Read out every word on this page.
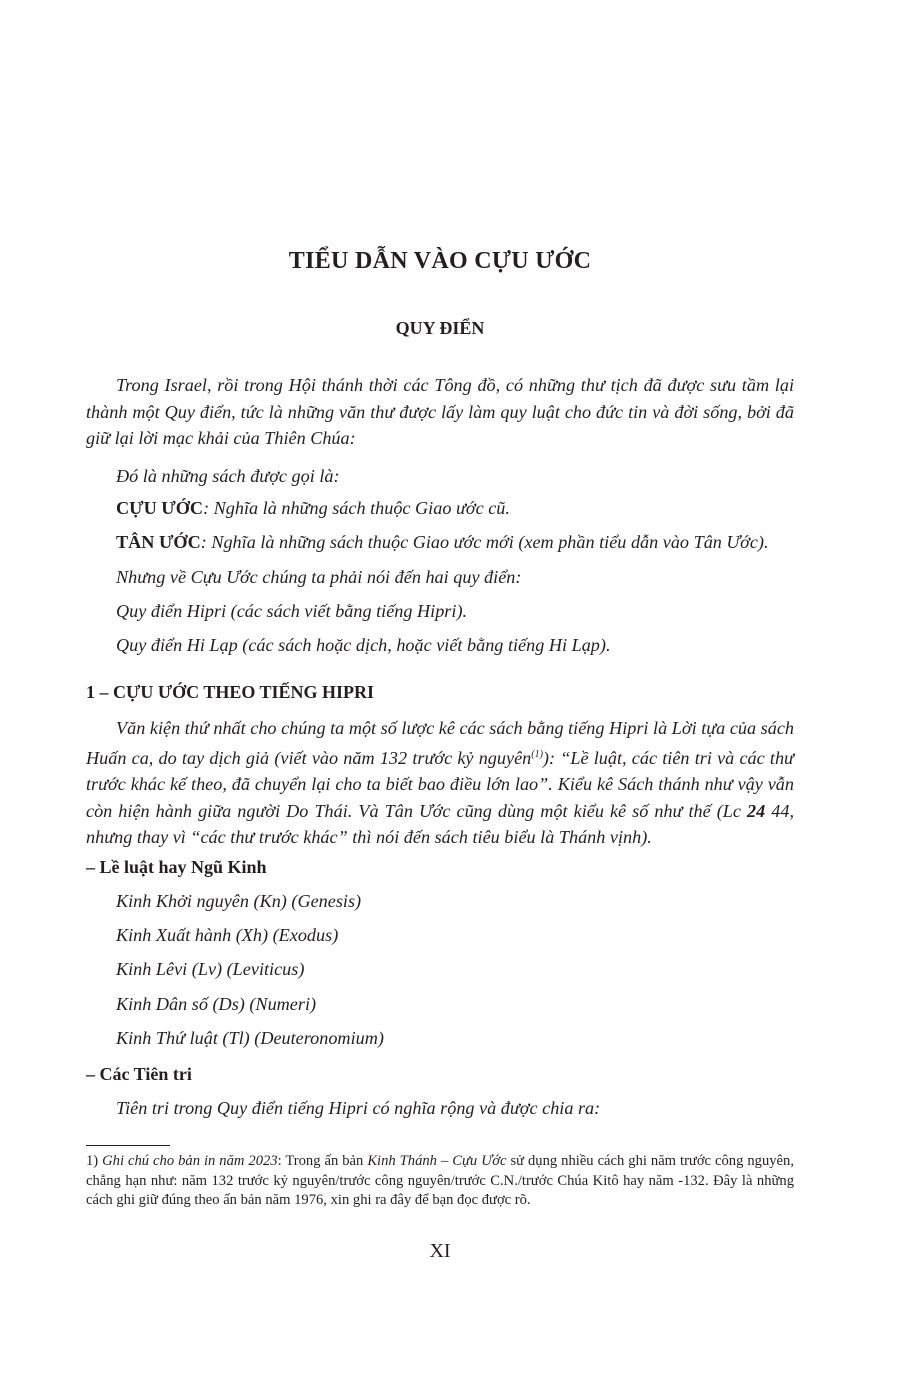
TIỂU DẪN VÀO CỰU ƯỚC
QUY ĐIỂN

Trong Israel, rồi trong Hội thánh thời các Tông đồ, có những thư tịch đã được sưu tầm lại thành một Quy điển, tức là những văn thư được lấy làm quy luật cho đức tin và đời sống, bởi đã giữ lại lời mạc khải của Thiên Chúa:

Đó là những sách được gọi là:
CỰU ƯỚC: Nghĩa là những sách thuộc Giao ước cũ.
TÂN ƯỚC: Nghĩa là những sách thuộc Giao ước mới (xem phần tiểu dẫn vào Tân Ước).
Nhưng về Cựu Ước chúng ta phải nói đến hai quy điển:
Quy điển Hipri (các sách viết bằng tiếng Hipri).
Quy điển Hi Lạp (các sách hoặc dịch, hoặc viết bằng tiếng Hi Lạp).
1 – CỰU ƯỚC THEO TIẾNG HIPRI

Văn kiện thứ nhất cho chúng ta một số lược kê các sách bằng tiếng Hipri là Lời tựa của sách Huấn ca, do tay dịch giả (viết vào năm 132 trước kỷ nguyên$^{(1)}$): “Lề luật, các tiên tri và các thư trước khác kế theo, đã chuyển lại cho ta biết bao điều lớn lao”. Kiểu kê Sách thánh như vậy vẫn còn hiện hành giữa người Do Thái. Và Tân Ước cũng dùng một kiểu kê số như thế (Lc 24 44, nhưng thay vì “các thư trước khác” thì nói đến sách tiêu biểu là Thánh vịnh).

– Lề luật hay Ngũ Kinh
Kinh Khởi nguyên (Kn) (Genesis)
Kinh Xuất hành (Xh) (Exodus)
Kinh Lêvi (Lv) (Leviticus)
Kinh Dân số (Ds) (Numeri)
Kinh Thứ luật (Tl) (Deuteronomium)
– Các Tiên tri
Tiên tri trong Quy điển tiếng Hipri có nghĩa rộng và được chia ra:
1) Ghi chú cho bản in năm 2023: Trong ấn bản Kinh Thánh – Cựu Ước sử dụng nhiều cách ghi năm trước công nguyên, chẳng hạn như: năm 132 trước kỷ nguyên/trước công nguyên/trước C.N./trước Chúa Kitô hay năm -132. Đây là những cách ghi giữ đúng theo ấn bản năm 1976, xin ghi ra đây để bạn đọc được rõ.
XI
